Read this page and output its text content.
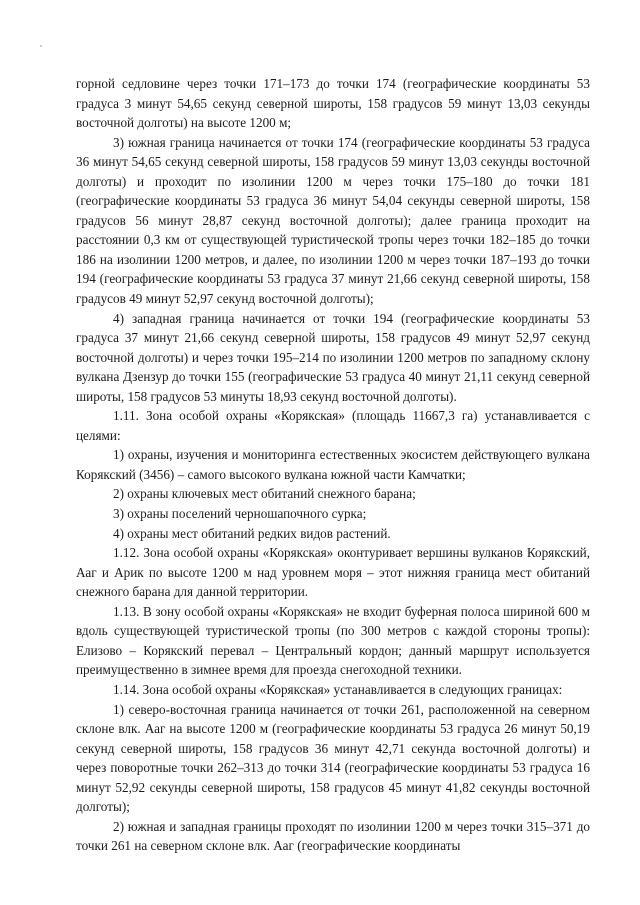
горной седловине через точки 171–173 до точки 174 (географические координаты 53 градуса 3 минут 54,65 секунд северной широты, 158 градусов 59 минут 13,03 секунды восточной долготы) на высоте 1200 м;

3) южная граница начинается от точки 174 (географические координаты 53 градуса 36 минут 54,65 секунд северной широты, 158 градусов 59 минут 13,03 секунды восточной долготы) и проходит по изолинии 1200 м через точки 175–180 до точки 181 (географические координаты 53 градуса 36 минут 54,04 секунды северной широты, 158 градусов 56 минут 28,87 секунд восточной долготы); далее граница проходит на расстоянии 0,3 км от существующей туристической тропы через точки 182–185 до точки 186 на изолинии 1200 метров, и далее, по изолинии 1200 м через точки 187–193 до точки 194 (географические координаты 53 градуса 37 минут 21,66 секунд северной широты, 158 градусов 49 минут 52,97 секунд восточной долготы);

4) западная граница начинается от точки 194 (географические координаты 53 градуса 37 минут 21,66 секунд северной широты, 158 градусов 49 минут 52,97 секунд восточной долготы) и через точки 195–214 по изолинии 1200 метров по западному склону вулкана Дзензур до точки 155 (географические 53 градуса 40 минут 21,11 секунд северной широты, 158 градусов 53 минуты 18,93 секунд восточной долготы).

1.11. Зона особой охраны «Корякская» (площадь 11667,3 га) устанавливается с целями:

1) охраны, изучения и мониторинга естественных экосистем действующего вулкана Корякский (3456) – самого высокого вулкана южной части Камчатки;

2) охраны ключевых мест обитаний снежного барана;

3) охраны поселений черношапочного сурка;

4) охраны мест обитаний редких видов растений.

1.12. Зона особой охраны «Корякская» оконтуривает вершины вулканов Корякский, Ааг и Арик по высоте 1200 м над уровнем моря – этот нижняя граница мест обитаний снежного барана для данной территории.

1.13. В зону особой охраны «Корякская» не входит буферная полоса шириной 600 м вдоль существующей туристической тропы (по 300 метров с каждой стороны тропы): Елизово – Корякский перевал – Центральный кордон; данный маршрут используется преимущественно в зимнее время для проезда снегоходной техники.

1.14. Зона особой охраны «Корякская» устанавливается в следующих границах:

1) северо-восточная граница начинается от точки 261, расположенной на северном склоне влк. Ааг на высоте 1200 м (географические координаты 53 градуса 26 минут 50,19 секунд северной широты, 158 градусов 36 минут 42,71 секунда восточной долготы) и через поворотные точки 262–313 до точки 314 (географические координаты 53 градуса 16 минут 52,92 секунды северной широты, 158 градусов 45 минут 41,82 секунды восточной долготы);

2) южная и западная границы проходят по изолинии 1200 м через точки 315–371 до точки 261 на северном склоне влк. Ааг (географические координаты
